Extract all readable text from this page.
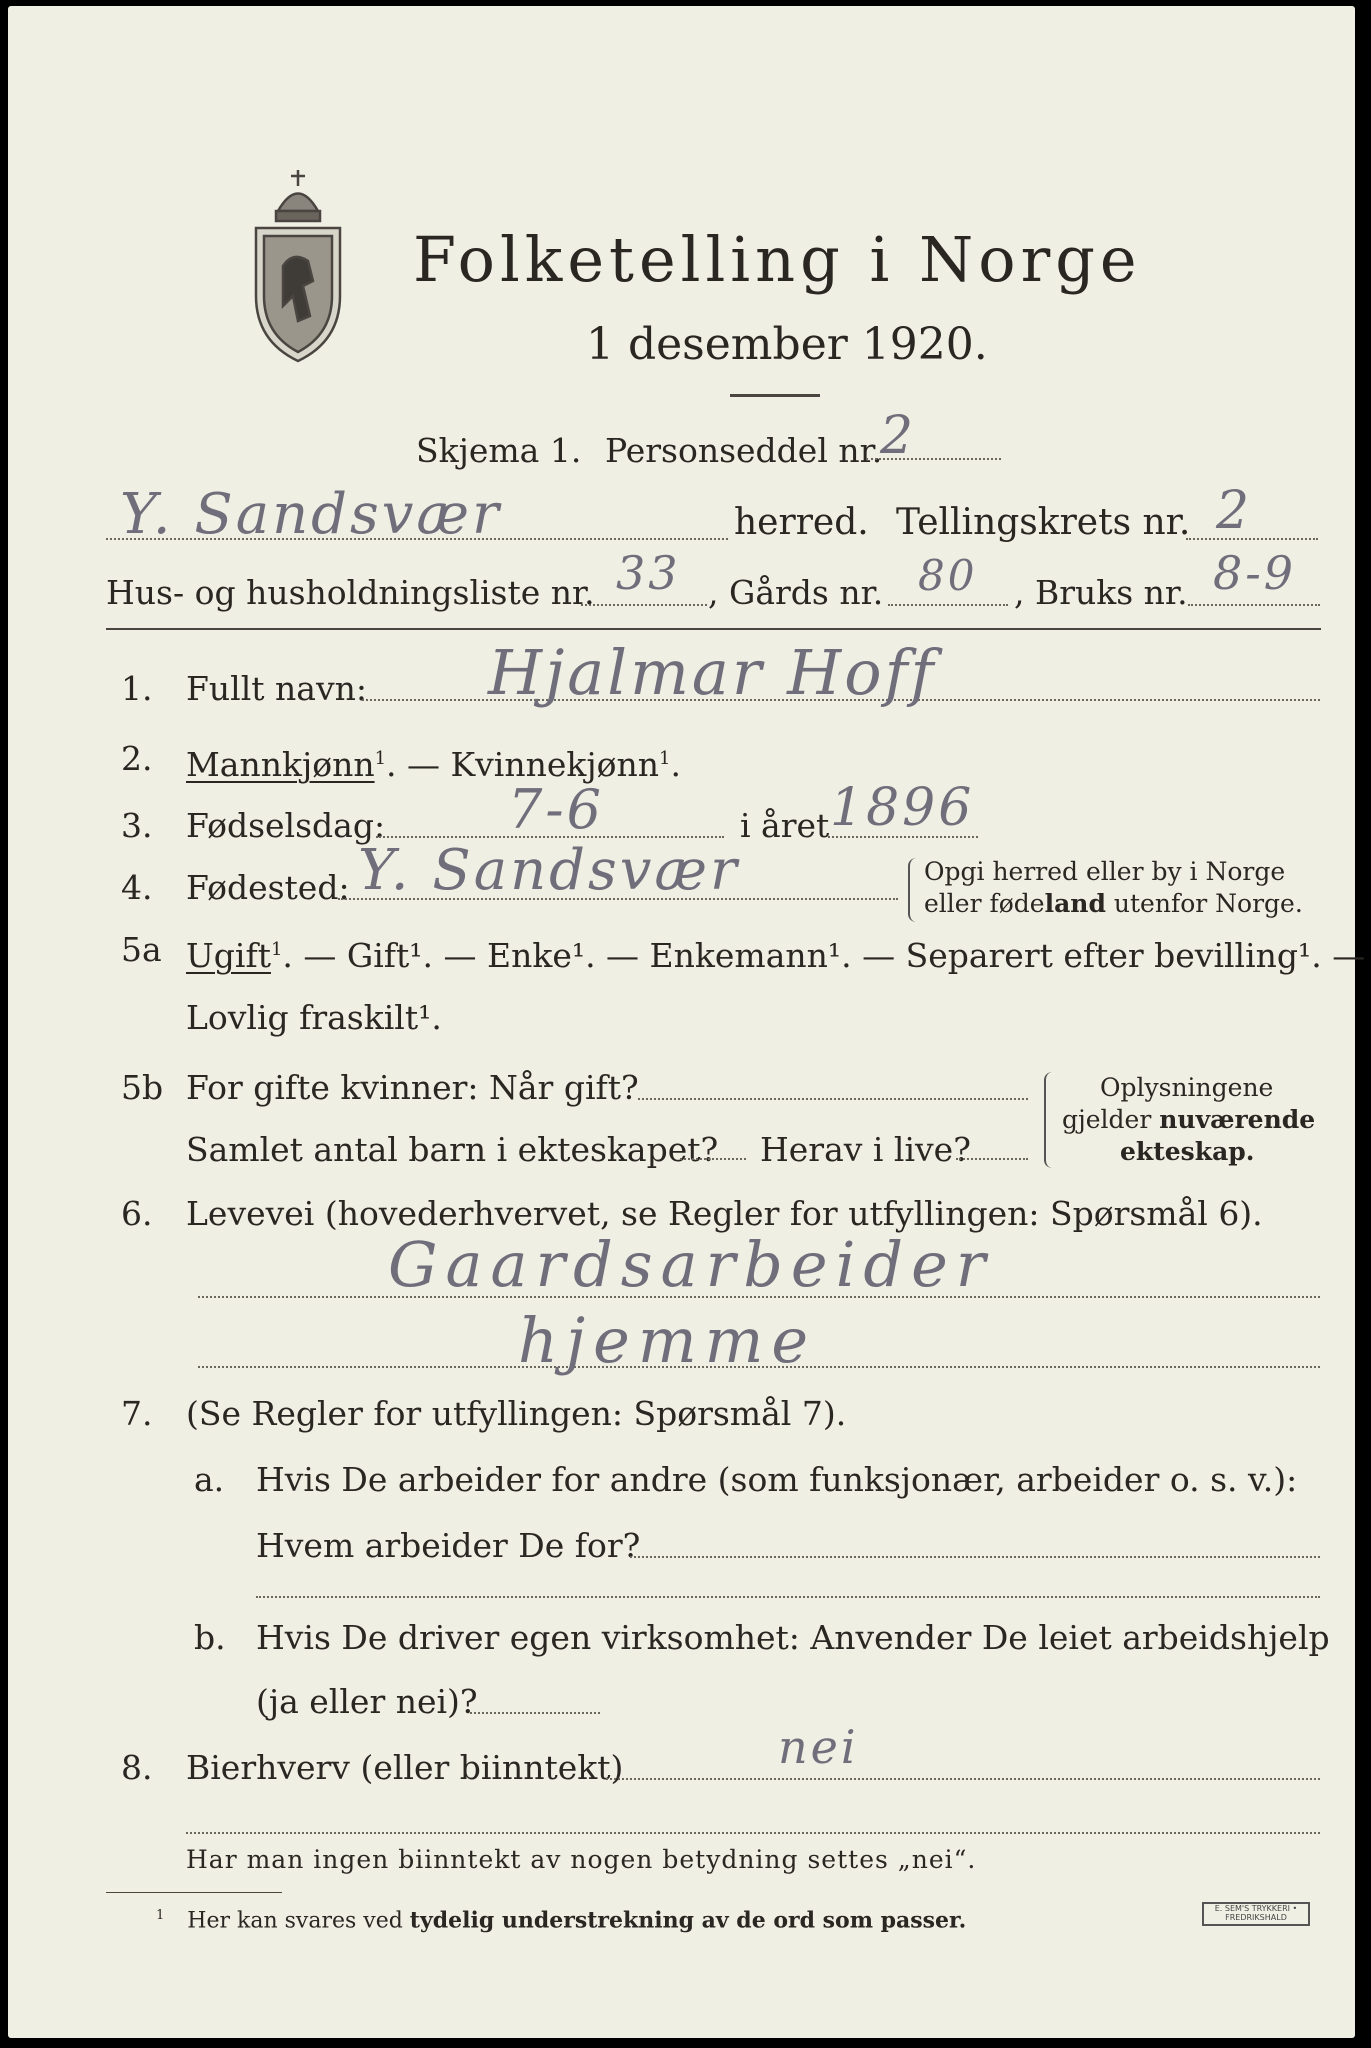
Folketelling i Norge
1 desember 1920.
Skjema 1. Personseddel nr.
2
Y. Sandsvær	herred. Tellingskrets nr. 2
Hus- og husholdningsliste nr. 33 , Gårds nr. 80 , Bruks nr. 8-9
1. Fullt navn: Hjalmar Hoff
2. Mannkjønn$^1$. — Kvinnekjønn$^1$.
3. Fødselsdag: 7-6	i året 1896
4. Fødested: Y. Sandsvær	Opgi herred eller by i Norge
eller fødeland utenfor Norge.
5a Ugift$^1$. — Gift¹. — Enke¹. — Enkemann¹. — Separert efter bevilling¹. —
Lovlig fraskilt¹.
5b For gifte kvinner: Når gift?
Samlet antal barn i ekteskapet? Herav i live?
Oplysningene
gjelder nuværende
ekteskap.
6. Levevei (hovederhvervet, se Regler for utfyllingen: Spørsmål 6).
Gaardsarbeider
hjemme
7. (Se Regler for utfyllingen: Spørsmål 7).
a. Hvis De arbeider for andre (som funksjonær, arbeider o. s. v.):
Hvem arbeider De for?
b. Hvis De driver egen virksomhet: Anvender De leiet arbeidshjelp
(ja eller nei)?
8. Bierhverv (eller biinntekt)	nei
Har man ingen biinntekt av nogen betydning settes „nei“.
$^1$ Her kan svares ved tydelig understrekning av de ord som passer.	E. SEM'S TRYKKERI • FREDRIKSHALD
